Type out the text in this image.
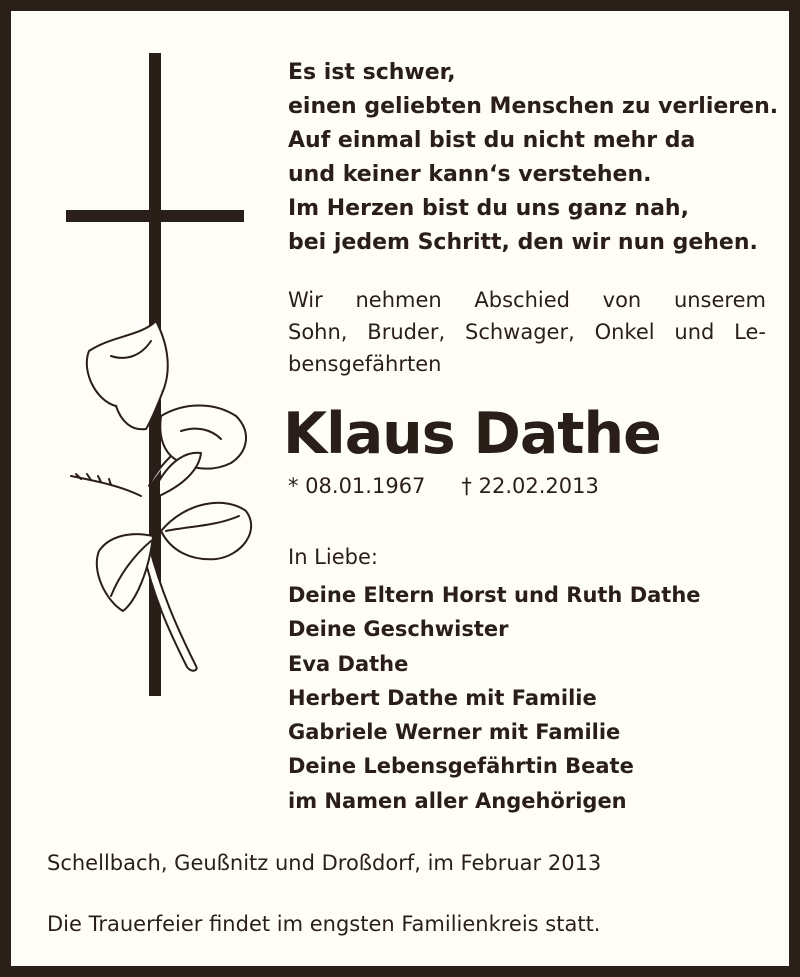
Es ist schwer,
einen geliebten Menschen zu verlieren.
Auf einmal bist du nicht mehr da
und keiner kann‘s verstehen.
Im Herzen bist du uns ganz nah,
bei jedem Schritt, den wir nun gehen.
Wir nehmen Abschied von unserem
Sohn, Bruder, Schwager, Onkel und Le-
bensgefährten
Klaus Dathe
* 08.01.1967 † 22.02.2013
In Liebe:
Deine Eltern Horst und Ruth Dathe
Deine Geschwister
Eva Dathe
Herbert Dathe mit Familie
Gabriele Werner mit Familie
Deine Lebensgefährtin Beate
im Namen aller Angehörigen
Schellbach, Geußnitz und Droßdorf, im Februar 2013
Die Trauerfeier findet im engsten Familienkreis statt.
